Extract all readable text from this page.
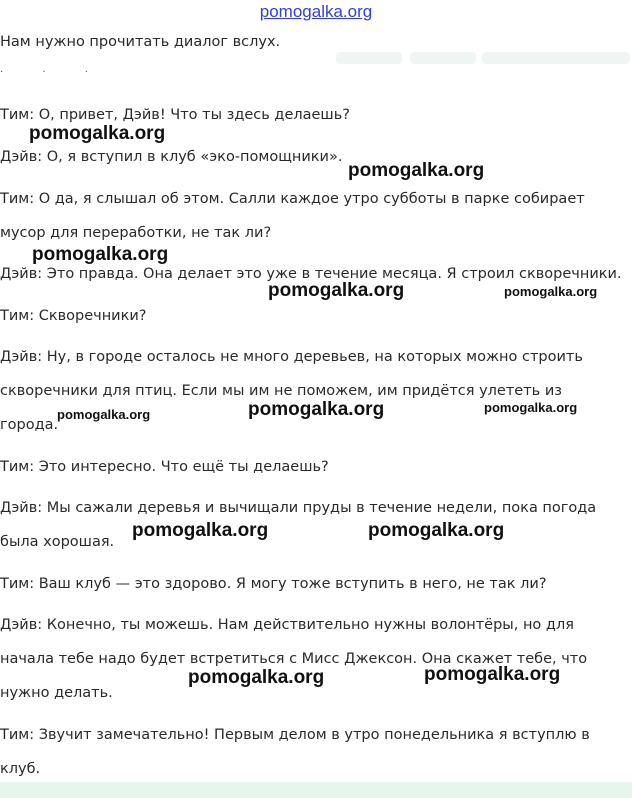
pomogalka.org
Нам нужно прочитать диалог вслух.
· · ·
Тим: О, привет, Дэйв! Что ты здесь делаешь?
Дэйв: О, я вступил в клуб «эко-помощники».
Тим: О да, я слышал об этом. Салли каждое утро субботы в парке собирает
мусор для переработки, не так ли?
Дэйв: Это правда. Она делает это уже в течение месяца. Я строил скворечники.
Тим: Скворечники?
Дэйв: Ну, в городе осталось не много деревьев, на которых можно строить
скворечники для птиц. Если мы им не поможем, им придётся улететь из
города.
Тим: Это интересно. Что ещё ты делаешь?
Дэйв: Мы сажали деревья и вычищали пруды в течение недели, пока погода
была хорошая.
Тим: Ваш клуб — это здорово. Я могу тоже вступить в него, не так ли?
Дэйв: Конечно, ты можешь. Нам действительно нужны волонтёры, но для
начала тебе надо будет встретиться с Мисс Джексон. Она скажет тебе, что
нужно делать.
Тим: Звучит замечательно! Первым делом в утро понедельника я вступлю в
клуб.
pomogalka.org
pomogalka.org
pomogalka.org
pomogalka.org	pomogalka.org
pomogalka.org	pomogalka.org	pomogalka.org
pomogalka.org	pomogalka.org
pomogalka.org	pomogalka.org
